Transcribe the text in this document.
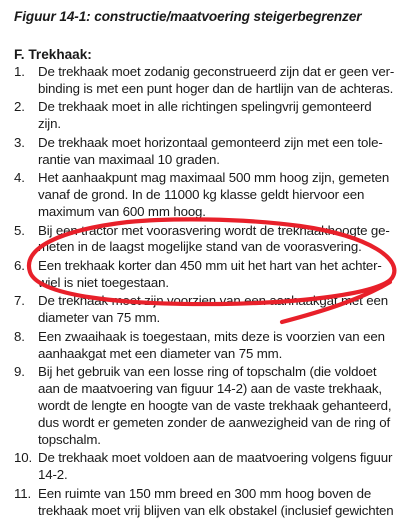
Figuur 14-1: constructie/maatvoering steigerbegrenzer
F. Trekhaak:
1. De trekhaak moet zodanig geconstrueerd zijn dat er geen ver-
binding is met een punt hoger dan de hartlijn van de achteras.
2. De trekhaak moet in alle richtingen spelingvrij gemonteerd
zijn.
3. De trekhaak moet horizontaal gemonteerd zijn met een tole-
rantie van maximaal 10 graden.
4. Het aanhaakpunt mag maximaal 500 mm hoog zijn, gemeten
vanaf de grond. In de 11000 kg klasse geldt hiervoor een
maximum van 600 mm hoog.
5. Bij een tractor met voorasvering wordt de trekhaakhoogte ge-
meten in de laagst mogelijke stand van de voorasvering.
6. Een trekhaak korter dan 450 mm uit het hart van het achter-
wiel is niet toegestaan.
7. De trekhaak moet zijn voorzien van een aanhaakgat met een
diameter van 75 mm.
8. Een zwaaihaak is toegestaan, mits deze is voorzien van een
aanhaakgat met een diameter van 75 mm.
9. Bij het gebruik van een losse ring of topschalm (die voldoet
aan de maatvoering van figuur 14-2) aan de vaste trekhaak,
wordt de lengte en hoogte van de vaste trekhaak gehanteerd,
dus wordt er gemeten zonder de aanwezigheid van de ring of
topschalm.
10. De trekhaak moet voldoen aan de maatvoering volgens figuur
14-2.
11. Een ruimte van 150 mm breed en 300 mm hoog boven de
trekhaak moet vrij blijven van elk obstakel (inclusief gewichten
